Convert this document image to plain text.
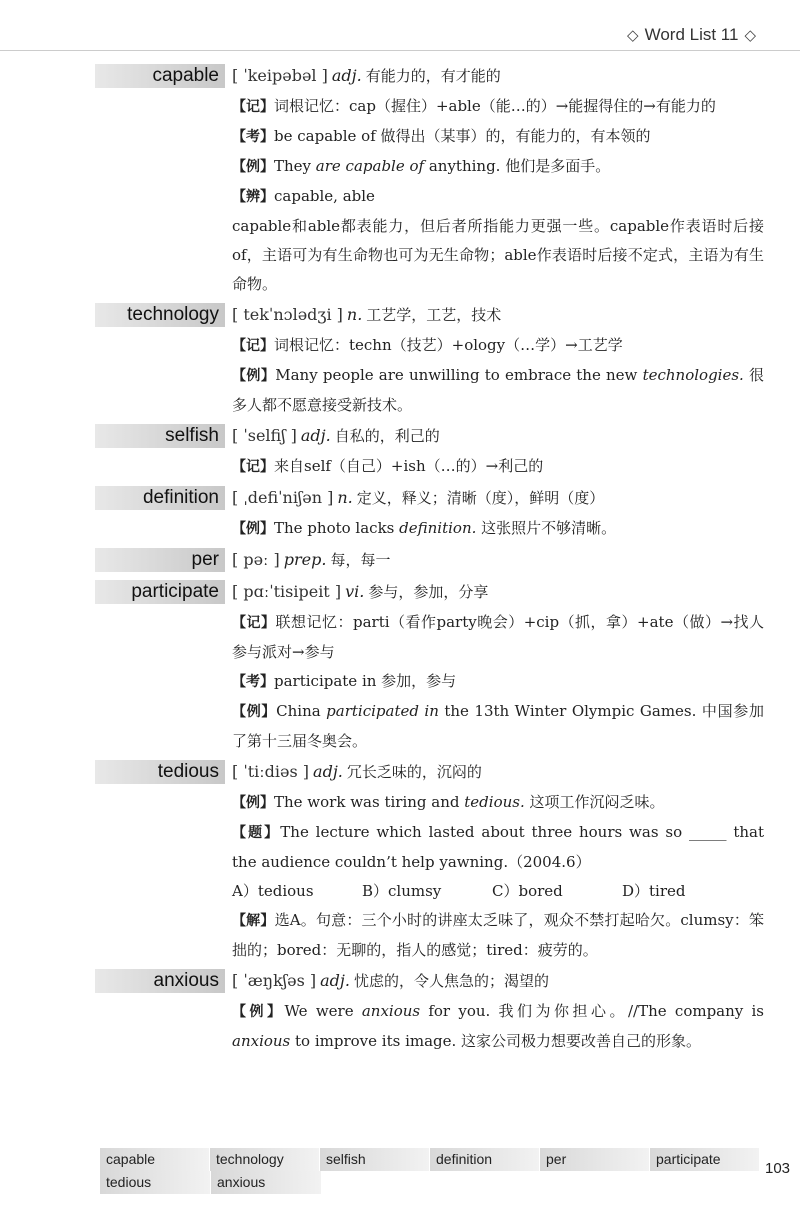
◇ Word List 11 ◇
capable [ ˈkeipəbəl ] adj. 有能力的，有才能的
【记】词根记忆：cap（握住）+able（能…的）→能握得住的→有能力的
【考】be capable of 做得出（某事）的，有能力的，有本领的
【例】They are capable of anything. 他们是多面手。
【辨】capable, able
capable和able都表能力，但后者所指能力更强一些。capable作表语时后接of，主语可为有生命物也可为无生命物；able作表语时后接不定式，主语为有生命物。
technology [ tekˈnɔlədʒi ] n. 工艺学，工艺，技术
【记】词根记忆：techn（技艺）+ology（…学）→工艺学
【例】Many people are unwilling to embrace the new technologies. 很多人都不愿意接受新技术。
selfish [ ˈselfiʃ ] adj. 自私的，利己的
【记】来自self（自己）+ish（…的）→利己的
definition [ ˌdefiˈniʃən ] n. 定义，释义；清晰（度），鲜明（度）
【例】The photo lacks definition. 这张照片不够清晰。
per [ pəː ] prep. 每，每一
participate [ pɑːˈtisipeit ] vi. 参与，参加，分享
【记】联想记忆：parti（看作party晚会）+cip（抓，拿）+ate（做）→找人参与派对→参与
【考】participate in 参加，参与
【例】China participated in the 13th Winter Olympic Games. 中国参加了第十三届冬奥会。
tedious [ ˈtiːdiəs ] adj. 冗长乏味的，沉闷的
【例】The work was tiring and tedious. 这项工作沉闷乏味。
【题】The lecture which lasted about three hours was so _____ that the audience couldn’t help yawning.（2004.6）
A）tedious	B）clumsy	C）bored	D）tired
【解】选A。句意：三个小时的讲座太乏味了，观众不禁打起哈欠。clumsy：笨拙的；bored：无聊的，指人的感觉；tired：疲劳的。
anxious [ ˈæŋkʃəs ] adj. 忧虑的，令人焦急的；渴望的
【例】We were anxious for you. 我们为你担心。//The company is anxious to improve its image. 这家公司极力想要改善自己的形象。
capable	technology	selfish	definition	per	participate
tedious	anxious
103
